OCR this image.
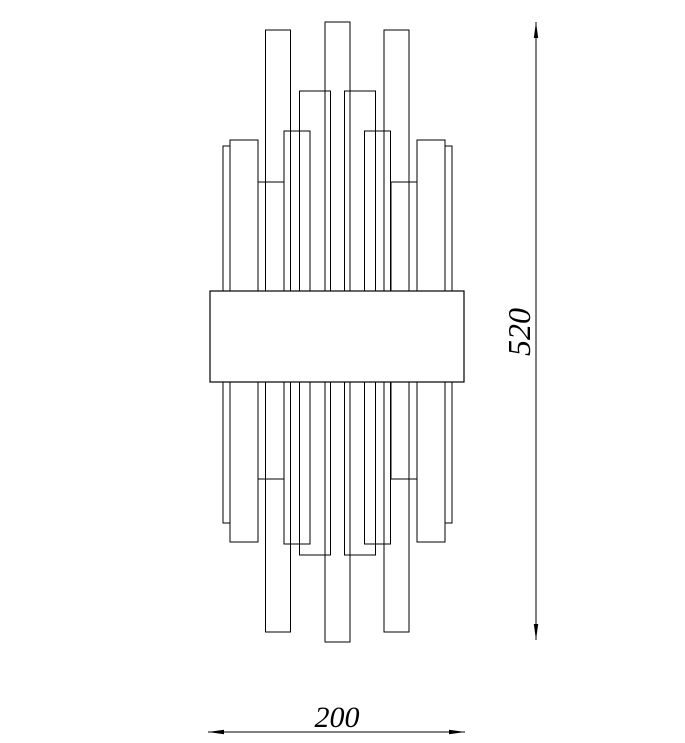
520
200
